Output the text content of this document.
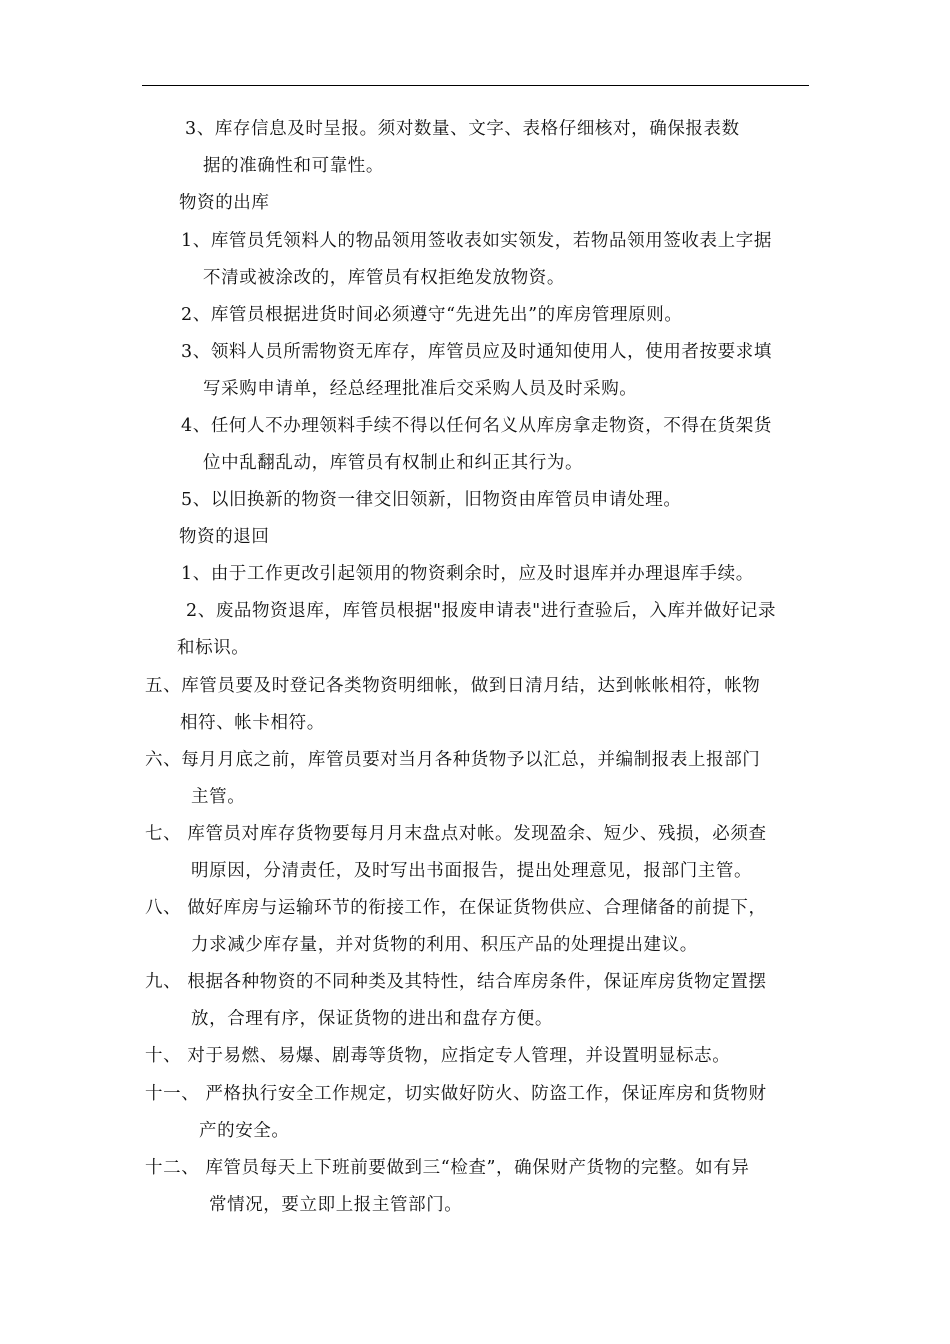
3、库存信息及时呈报。须对数量、文字、表格仔细核对，确保报表数
据的准确性和可靠性。
物资的出库
1、库管员凭领料人的物品领用签收表如实领发，若物品领用签收表上字据
不清或被涂改的，库管员有权拒绝发放物资。
2、库管员根据进货时间必须遵守“先进先出”的库房管理原则。
3、领料人员所需物资无库存，库管员应及时通知使用人，使用者按要求填
写采购申请单，经总经理批准后交采购人员及时采购。
4、任何人不办理领料手续不得以任何名义从库房拿走物资，不得在货架货
位中乱翻乱动，库管员有权制止和纠正其行为。
5、以旧换新的物资一律交旧领新，旧物资由库管员申请处理。
物资的退回
1、由于工作更改引起领用的物资剩余时，应及时退库并办理退库手续。
2、废品物资退库，库管员根据"报废申请表"进行查验后，入库并做好记录
和标识。
五、库管员要及时登记各类物资明细帐，做到日清月结，达到帐帐相符，帐物
相符、帐卡相符。
六、每月月底之前，库管员要对当月各种货物予以汇总，并编制报表上报部门
主管。
七、 库管员对库存货物要每月月末盘点对帐。发现盈余、短少、残损，必须查
明原因，分清责任，及时写出书面报告，提出处理意见，报部门主管。
八、 做好库房与运输环节的衔接工作，在保证货物供应、合理储备的前提下，
力求减少库存量，并对货物的利用、积压产品的处理提出建议。
九、 根据各种物资的不同种类及其特性，结合库房条件，保证库房货物定置摆
放，合理有序，保证货物的进出和盘存方便。
十、 对于易燃、易爆、剧毒等货物，应指定专人管理，并设置明显标志。
十一、 严格执行安全工作规定，切实做好防火、防盗工作，保证库房和货物财
产的安全。
十二、 库管员每天上下班前要做到三“检查”，确保财产货物的完整。如有异
常情况，要立即上报主管部门。
